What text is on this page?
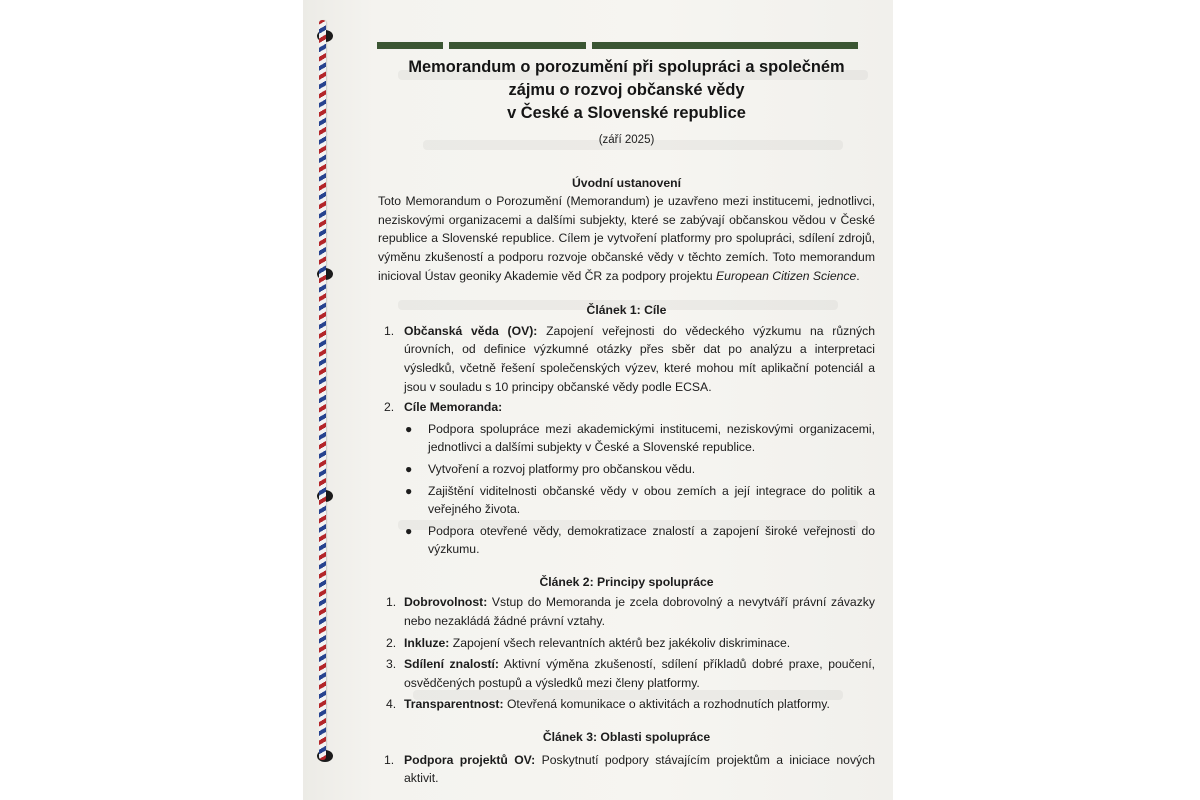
Memorandum o porozumění při spolupráci a společném
zájmu o rozvoj občanské vědy
v České a Slovenské republice

(září 2025)

Úvodní ustanovení

Toto Memorandum o Porozumění (Memorandum) je uzavřeno mezi institucemi, jednotlivci, neziskovými organizacemi a dalšími subjekty, které se zabývají občanskou vědou v České republice a Slovenské republice. Cílem je vytvoření platformy pro spolupráci, sdílení zdrojů, výměnu zkušeností a podporu rozvoje občanské vědy v těchto zemích. Toto memorandum inicioval Ústav geoniky Akademie věd ČR za podpory projektu European Citizen Science.

Článek 1: Cíle

1. Občanská věda (OV): Zapojení veřejnosti do vědeckého výzkumu na různých úrovních, od definice výzkumné otázky přes sběr dat po analýzu a interpretaci výsledků, včetně řešení společenských výzev, které mohou mít aplikační potenciál a jsou v souladu s 10 principy občanské vědy podle ECSA.
2. Cíle Memoranda:
● Podpora spolupráce mezi akademickými institucemi, neziskovými organizacemi, jednotlivci a dalšími subjekty v České a Slovenské republice.
● Vytvoření a rozvoj platformy pro občanskou vědu.
● Zajištění viditelnosti občanské vědy v obou zemích a její integrace do politik a veřejného života.
● Podpora otevřené vědy, demokratizace znalostí a zapojení široké veřejnosti do výzkumu.

Článek 2: Principy spolupráce

1. Dobrovolnost: Vstup do Memoranda je zcela dobrovolný a nevytváří právní závazky nebo nezakládá žádné právní vztahy.
2. Inkluze: Zapojení všech relevantních aktérů bez jakékoliv diskriminace.
3. Sdílení znalostí: Aktivní výměna zkušeností, sdílení příkladů dobré praxe, poučení, osvědčených postupů a výsledků mezi členy platformy.
4. Transparentnost: Otevřená komunikace o aktivitách a rozhodnutích platformy.

Článek 3: Oblasti spolupráce

1. Podpora projektů OV: Poskytnutí podpory stávajícím projektům a iniciace nových aktivit.
